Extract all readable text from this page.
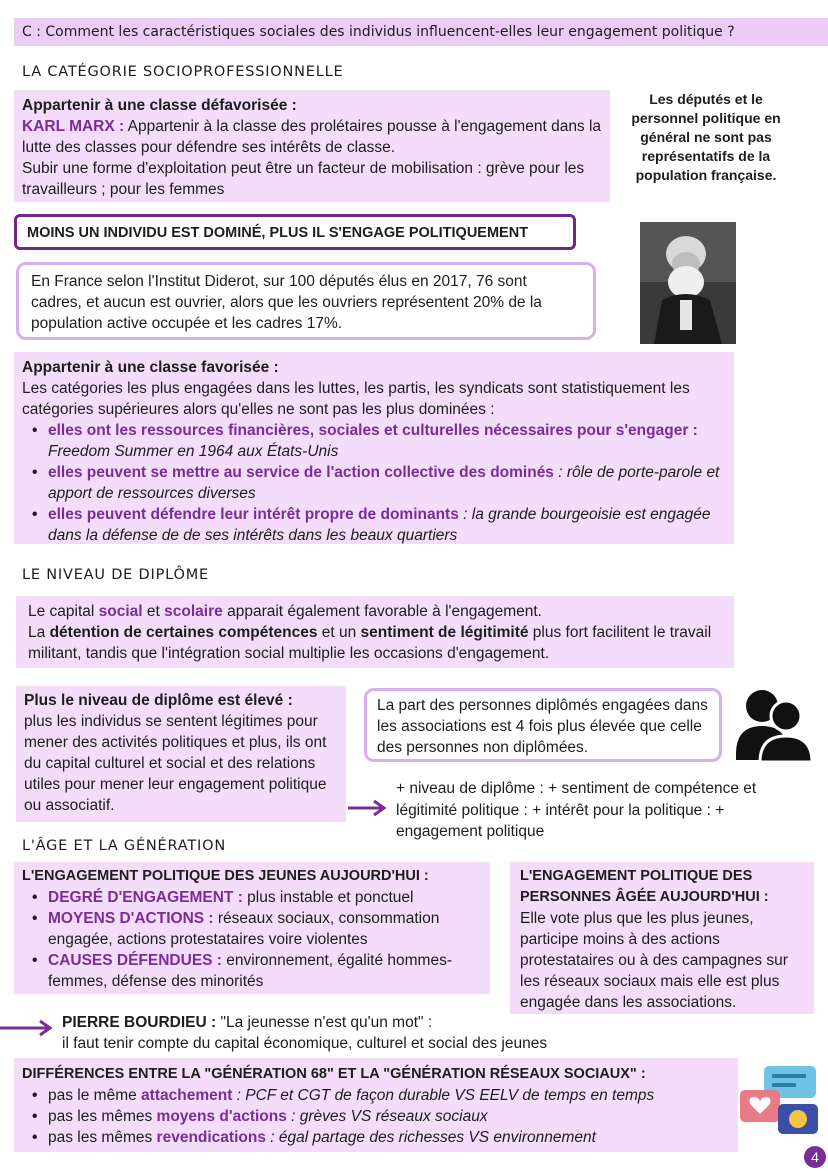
C : Comment les caractéristiques sociales des individus influencent-elles leur engagement politique ?
LA CATÉGORIE SOCIOPROFESSIONNELLE
Appartenir à une classe défavorisée :
KARL MARX : Appartenir à la classe des prolétaires pousse à l'engagement dans la lutte des classes pour défendre ses intérêts de classe.
Subir une forme d'exploitation peut être un facteur de mobilisation : grève pour les travailleurs ; pour les femmes
Les députés et le personnel politique en général ne sont pas représentatifs de la population française.
MOINS UN INDIVIDU EST DOMINÉ, PLUS IL S'ENGAGE POLITIQUEMENT
En France selon l'Institut Diderot, sur 100 députés élus en 2017, 76 sont cadres, et aucun est ouvrier, alors que les ouvriers représentent 20% de la population active occupée et les cadres 17%.
Appartenir à une classe favorisée :
Les catégories les plus engagées dans les luttes, les partis, les syndicats sont statistiquement les catégories supérieures alors qu'elles ne sont pas les plus dominées :
• elles ont les ressources financières, sociales et culturelles nécessaires pour s'engager : Freedom Summer en 1964 aux États-Unis
• elles peuvent se mettre au service de l'action collective des dominés : rôle de porte-parole et apport de ressources diverses
• elles peuvent défendre leur intérêt propre de dominants : la grande bourgeoisie est engagée dans la défense de de ses intérêts dans les beaux quartiers
LE NIVEAU DE DIPLÔME
Le capital social et scolaire apparait également favorable à l'engagement.
La détention de certaines compétences et un sentiment de légitimité plus fort facilitent le travail militant, tandis que l'intégration social multiplie les occasions d'engagement.
Plus le niveau de diplôme est élevé :
plus les individus se sentent légitimes pour mener des activités politiques et plus, ils ont du capital culturel et social et des relations utiles pour mener leur engagement politique ou associatif.
La part des personnes diplômés engagées dans les associations est 4 fois plus élevée que celle des personnes non diplômées.
+ niveau de diplôme : + sentiment de compétence et légitimité politique : + intérêt pour la politique : + engagement politique
L'ÂGE ET LA GÉNÉRATION
L'ENGAGEMENT POLITIQUE DES JEUNES AUJOURD'HUI :
• DEGRÉ D'ENGAGEMENT : plus instable et ponctuel
• MOYENS D'ACTIONS : réseaux sociaux, consommation engagée, actions protestataires voire violentes
• CAUSES DÉFENDUES : environnement, égalité hommes-femmes, défense des minorités
L'ENGAGEMENT POLITIQUE DES PERSONNES ÂGÉE AUJOURD'HUI :
Elle vote plus que les plus jeunes, participe moins à des actions protestataires ou à des campagnes sur les réseaux sociaux mais elle est plus engagée dans les associations.
PIERRE BOURDIEU : "La jeunesse n'est qu'un mot" :
il faut tenir compte du capital économique, culturel et social des jeunes
DIFFÉRENCES ENTRE LA "GÉNÉRATION 68" ET LA "GÉNÉRATION RÉSEAUX SOCIAUX" :
• pas le même attachement : PCF et CGT de façon durable VS EELV de temps en temps
• pas les mêmes moyens d'actions : grèves VS réseaux sociaux
• pas les mêmes revendications : égal partage des richesses VS environnement
4
